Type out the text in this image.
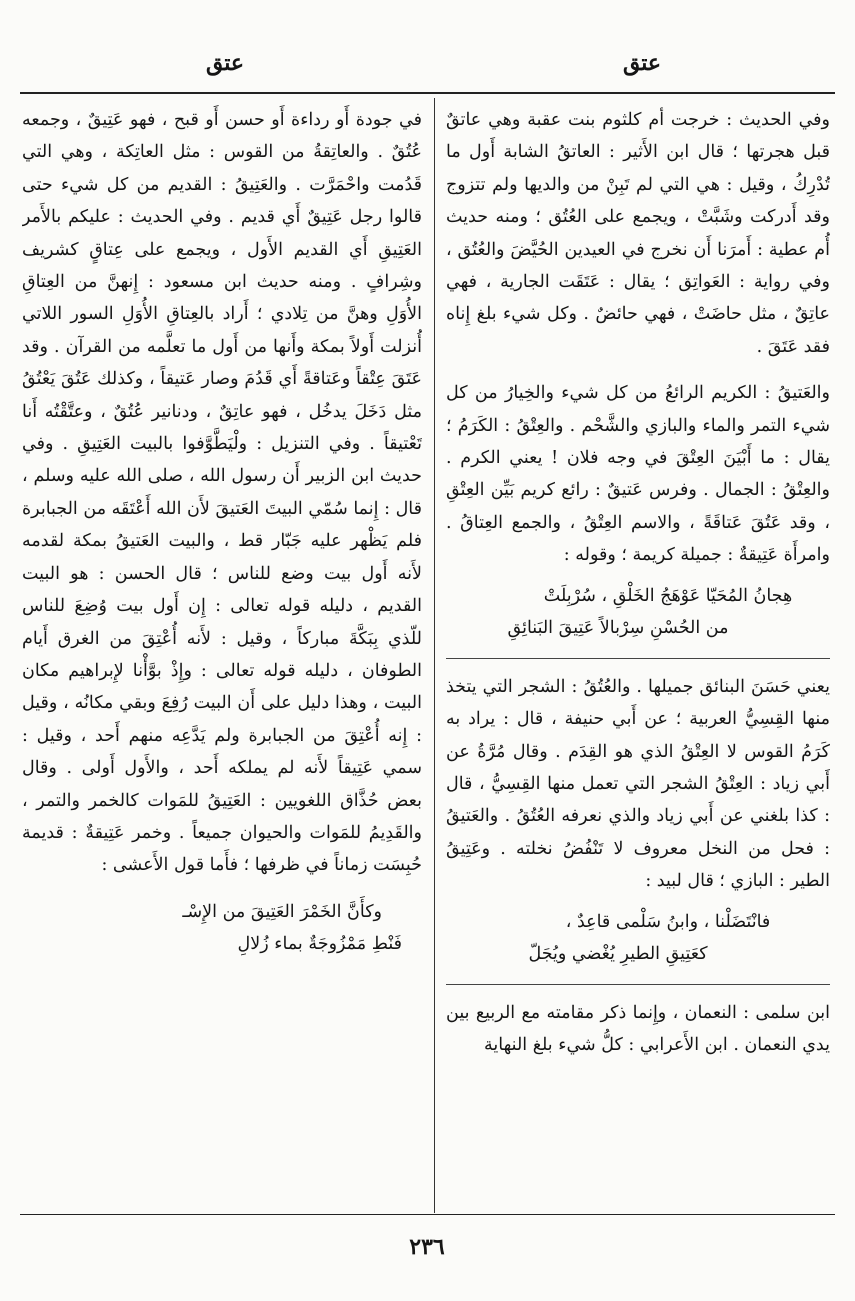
عتق
عتق

وفي الحديث : خرجت أم كلثوم بنت عقبة وهي عاتقٌ قبل هجرتها ؛ قال ابن الأَثير : العاتقُ الشابة أَول ما تُدْرِكُ ، وقيل : هي التي لم تَبِنْ من والديها ولم تتزوج وقد أَدركت وشَبَّتْ ، ويجمع على العُتُق ؛ ومنه حديث أُم عطية : أَمرَنا أَن نخرج في العيدين الحُيَّضَ والعُتُق ، وفي رواية : العَواتِق ؛ يقال : عَتَقَت الجارية ، فهي عاتِقٌ ، مثل حاضَتْ ، فهي حائضٌ . وكل شيء بلغ إِناه فقد عَتَقَ .

والعَتيقُ : الكريم الرائعُ من كل شيء والخِيارُ من كل شيء التمر والماء والبازي والشَّحْم . والعِتْقُ : الكَرَمُ ؛ يقال : ما أَبْيَنَ العِتْقَ في وجه فلان ! يعني الكرم . والعِتْقُ : الجمال . وفرس عَتيقٌ : رائع كريم بَيِّن العِتْقِ ، وقد عَتُقَ عَتاقَةً ، والاسم العِتْقُ ، والجمع العِتاقُ . وامرأَة عَتِيقةٌ : جميلة كريمة ؛ وقوله :

هِجانُ المُحَيّا عَوْهَجُ الخَلْقِ ، سُرْبِلَتْ
من الحُسْنِ سِرْبالاً عَتِيقَ البَنائِقِ

يعني حَسَنَ البنائق جميلها . والعُتُقُ : الشجر التي يتخذ منها القِسِيُّ العربية ؛ عن أَبي حنيفة ، قال : يراد به كَرَمُ القوس لا العِتْقُ الذي هو القِدَم . وقال مُرَّةُ عن أَبي زياد : العِتْقُ الشجر التي تعمل منها القِسِيُّ ، قال : كذا بلغني عن أَبي زياد والذي نعرفه العُتُقُ . والعَتيقُ : فحل من النخل معروف لا تَنْفُضُ نخلته . وعَتِيقُ الطير : البازي ؛ قال لبيد :

فانْتَضَلْنا ، وابنُ سَلْمى قاعِدٌ ،
كعَتِيقِ الطيرِ يُغْضي ويُجَلّ

ابن سلمى : النعمان ، وإِنما ذكر مقامته مع الربيع بين يدي النعمان . ابن الأَعرابي : كلُّ شيء بلغ النهاية

في جودة أَو رداءة أَو حسن أَو قبح ، فهو عَتِيقٌ ، وجمعه عُتُقٌ . والعاتِقةُ من القوس : مثل العاتِكة ، وهي التي قَدُمت واحْمَرَّت . والعَتِيقُ : القديم من كل شيء حتى قالوا رجل عَتِيقٌ أَي قديم . وفي الحديث : عليكم بالأَمر العَتِيقِ أَي القديم الأَول ، ويجمع على عِتاقٍ كشريف وشِرافٍ . ومنه حديث ابن مسعود : إِنهنَّ من العِتاقِ الأُوَلِ وهنَّ من تِلادي ؛ أَراد بالعِتاقِ الأُوَلِ السور اللاتي أُنزلت أَولاً بمكة وأَنها من أَول ما تعلَّمه من القرآن . وقد عَتَقَ عِتْقاً وعَتاقةً أَي قَدُمَ وصار عَتيقاً ، وكذلك عَتُقَ يَعْتُقُ مثل دَخَلَ يدخُل ، فهو عاتِقٌ ، ودنانير عُتُقٌ ، وعتَّقْتُه أَنا تَعْتيقاً . وفي التنزيل : ولْيَطَّوَّفوا بالبيت العَتِيقِ . وفي حديث ابن الزبير أَن رسول الله ، صلى الله عليه وسلم ، قال : إِنما سُمّي البيتَ العَتيقَ لأَن الله أَعْتَقَه من الجبابرة فلم يَظْهر عليه جَبّار قط ، والبيت العَتيقُ بمكة لقدمه لأَنه أَول بيت وضع للناس ؛ قال الحسن : هو البيت القديم ، دليله قوله تعالى : إِن أَول بيت وُضِعَ للناس للّذي بِبَكَّةَ مباركاً ، وقيل : لأَنه أُعْتِقَ من الغرق أَيام الطوفان ، دليله قوله تعالى : وإِذْ بوَّأْنا لإِبراهيم مكان البيت ، وهذا دليل على أَن البيت رُفِعَ وبقي مكانُه ، وقيل : إِنه أُعْتِقَ من الجبابرة ولم يَدَّعِه منهم أَحد ، وقيل : سمي عَتِيقاً لأَنه لم يملكه أَحد ، والأَول أَولى . وقال بعض حُذَّاق اللغويين : العَتِيقُ للمَوات كالخمر والتمر ، والقَدِيمُ للمَوات والحيوان جميعاً . وخمر عَتِيقةٌ : قديمة حُبِسَت زماناً في ظرفها ؛ فأَما قول الأَعشى :

وكأَنَّ الخَمْرَ العَتِيقَ من الإِسْـ
فَنْطِ مَمْزُوجَةٌ بماء زُلالِ
٢٣٦
